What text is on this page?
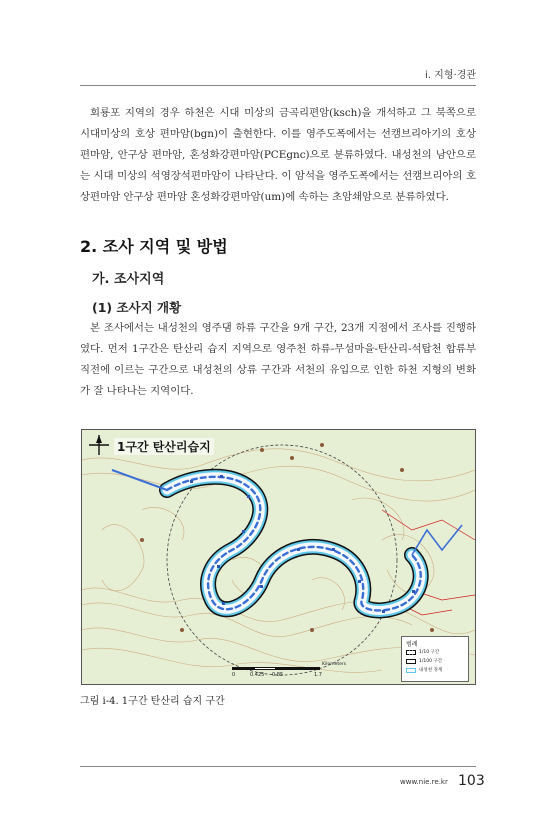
i. 지형·경관

회룡포 지역의 경우 하천은 시대 미상의 금곡리편암(ksch)을 개석하고 그 북쪽으로 시대미상의 호상 편마암(bgn)이 출현한다. 이를 영주도폭에서는 선캠브리아기의 호상 편마암, 안구상 편마암, 혼성화강편마암(PCEgnc)으로 분류하였다. 내성천의 남안으로는 시대 미상의 석영장석편마암이 나타난다. 이 암석을 영주도폭에서는 선캠브리아의 호상편마암 안구상 편마암 혼성화강편마암(um)에 속하는 초암쇄암으로 분류하였다.

2. 조사 지역 및 방법
가. 조사지역
(1) 조사지 개황

본 조사에서는 내성천의 영주댐 하류 구간을 9개 구간, 23개 지점에서 조사를 진행하였다. 먼저 1구간은 탄산리 습지 지역으로 영주천 하류-무섬마을-탄산리-석탑천 합류부 직전에 이르는 구간으로 내성천의 상류 구간과 서천의 유입으로 인한 하천 지형의 변화가 잘 나타나는 지역이다.

1구간 탄산리습지
0	0.425 0.85	1.7
Kilometers
범례
1/10 구간
1/100 구간
내성천 경계

그림 ⅰ-4. 1구간 탄산리 습지 구간

www.nie.re.kr 103
